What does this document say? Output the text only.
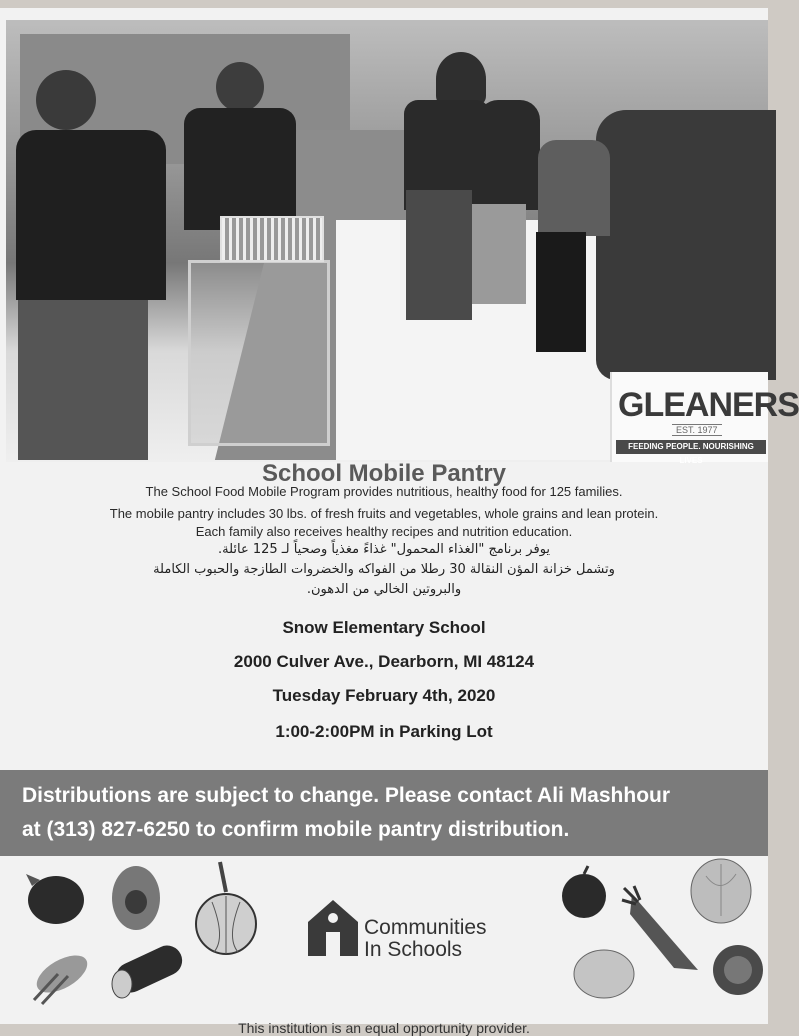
GLEANERS
EST. 1977
FEEDING PEOPLE. NOURISHING LIVES
School Mobile Pantry
The School Food Mobile Program provides nutritious, healthy food for 125 families.
The mobile pantry includes 30 lbs. of fresh fruits and vegetables, whole grains and lean protein.
Each family also receives healthy recipes and nutrition education.
يوفر برنامج "الغذاء المحمول" غذاءً مغذياً وصحياً لـ 125 عائلة.
وتشمل خزانة المؤن النقالة 30 رطلا من الفواكه والخضروات الطازجة والحبوب الكاملة
والبروتين الخالي من الدهون.
Snow Elementary School
2000 Culver Ave., Dearborn, MI 48124
Tuesday February 4th, 2020
1:00-2:00PM in Parking Lot
Distributions are subject to change. Please contact Ali Mashhour
at (313) 827-6250 to confirm mobile pantry distribution.
Communities
In Schools
This institution is an equal opportunity provider.
